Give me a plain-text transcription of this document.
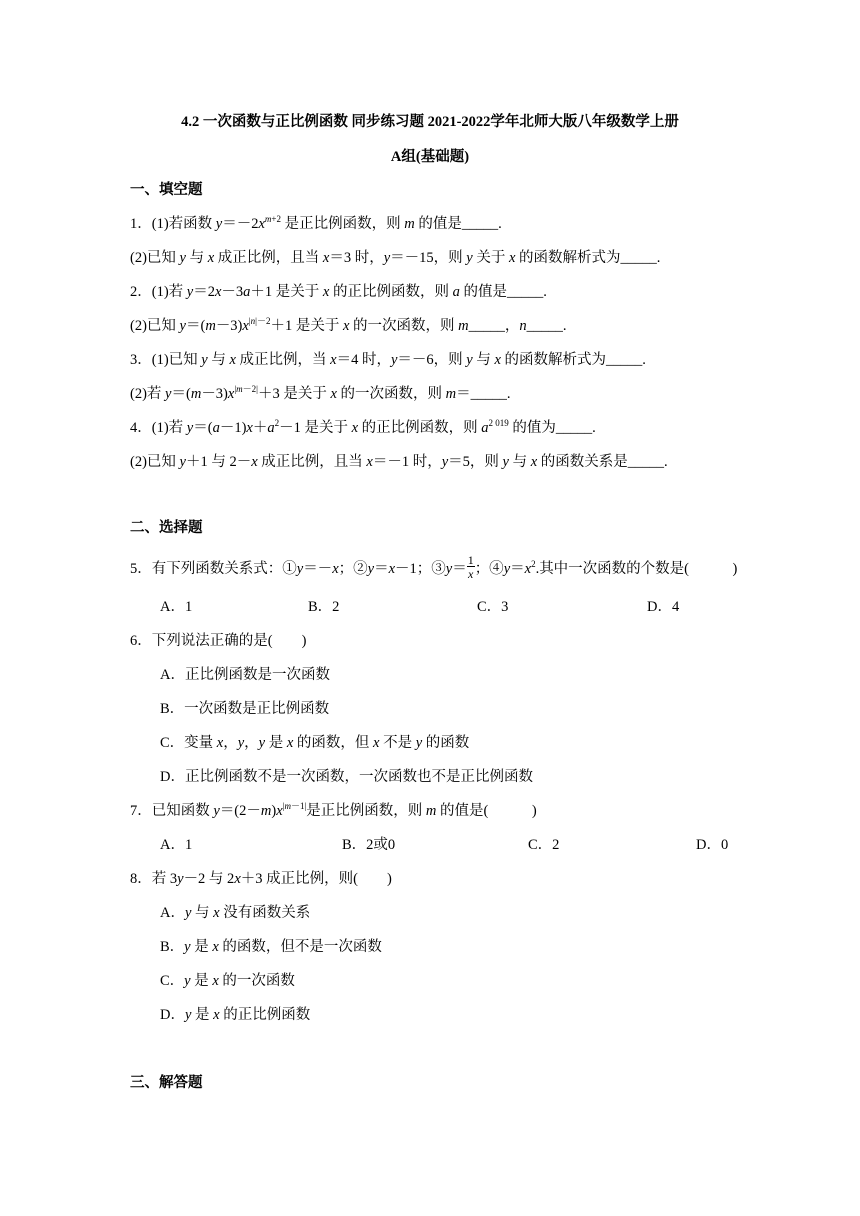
4.2 一次函数与正比例函数 同步练习题 2021-2022学年北师大版八年级数学上册
A组(基础题)
一、填空题
1．(1)若函数 $y=-2x^{m+2}$ 是正比例函数，则 m 的值是_____.
(2)已知 y 与 x 成正比例，且当 x＝3 时，y＝－15，则 y 关于 x 的函数解析式为_____.
2．(1)若 y＝2x－3a＋1 是关于 x 的正比例函数，则 a 的值是_____.
(2)已知 $y=(m-3)x^{|n|-2}+1$ 是关于 x 的一次函数，则 m_____，n_____.
3．(1)已知 y 与 x 成正比例，当 x＝4 时，y＝－6，则 y 与 x 的函数解析式为_____.
(2)若 $y=(m-3)x^{|m-2|}+3$ 是关于 x 的一次函数，则 m＝_____.
4．(1)若 $y=(a-1)x+a^2-1$ 是关于 x 的正比例函数，则 $a^{2 019}$ 的值为_____.
(2)已知 y＋1 与 2－x 成正比例，且当 x＝－1 时，y＝5，则 y 与 x 的函数关系是_____.
二、选择题
5．有下列函数关系式：①y＝－x；②y＝x－1；③y＝ $\frac{1}{x}$ ；$④y=x^2$.其中一次函数的个数是(　　　)
A．1	B．2	C．3	D．4
6．下列说法正确的是(　　)
A．正比例函数是一次函数
B．一次函数是正比例函数
C．变量 x，y，y 是 x 的函数，但 x 不是 y 的函数
D．正比例函数不是一次函数，一次函数也不是正比例函数
7．已知函数 $y=(2-m)x^{|m-1|}$是正比例函数，则 m 的值是(　　　)
A．1	B．2或0	C．2	D．0
8．若 3y－2 与 2x＋3 成正比例，则(　　)
A．y 与 x 没有函数关系
B．y 是 x 的函数，但不是一次函数
C．y 是 x 的一次函数
D．y 是 x 的正比例函数
三、解答题
